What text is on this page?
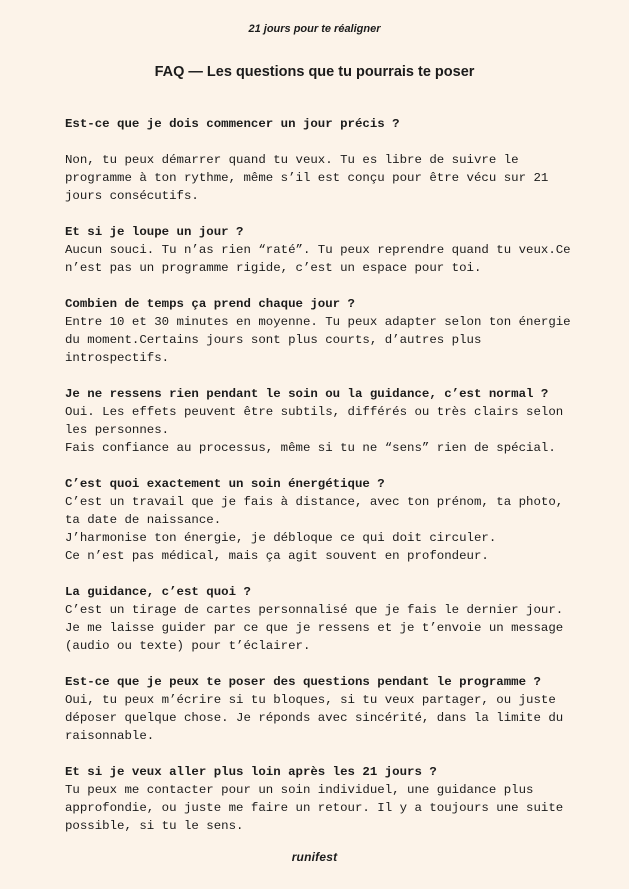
21 jours pour te réaligner
FAQ — Les questions que tu pourrais te poser

Est-ce que je dois commencer un jour précis ?

Non, tu peux démarrer quand tu veux. Tu es libre de suivre le programme à ton rythme, même s’il est conçu pour être vécu sur 21 jours consécutifs.

Et si je loupe un jour ?

Aucun souci. Tu n’as rien “raté”. Tu peux reprendre quand tu veux.Ce n’est pas un programme rigide, c’est un espace pour toi.

Combien de temps ça prend chaque jour ?

Entre 10 et 30 minutes en moyenne. Tu peux adapter selon ton énergie du moment.Certains jours sont plus courts, d’autres plus introspectifs.

Je ne ressens rien pendant le soin ou la guidance, c’est normal ?

Oui. Les effets peuvent être subtils, différés ou très clairs selon les personnes.

Fais confiance au processus, même si tu ne “sens” rien de spécial.

C’est quoi exactement un soin énergétique ?

C’est un travail que je fais à distance, avec ton prénom, ta photo, ta date de naissance.

J’harmonise ton énergie, je débloque ce qui doit circuler.

Ce n’est pas médical, mais ça agit souvent en profondeur.

La guidance, c’est quoi ?

C’est un tirage de cartes personnalisé que je fais le dernier jour. Je me laisse guider par ce que je ressens et je t’envoie un message (audio ou texte) pour t’éclairer.

Est-ce que je peux te poser des questions pendant le programme ?

Oui, tu peux m’écrire si tu bloques, si tu veux partager, ou juste déposer quelque chose. Je réponds avec sincérité, dans la limite du raisonnable.

Et si je veux aller plus loin après les 21 jours ?

Tu peux me contacter pour un soin individuel, une guidance plus approfondie, ou juste me faire un retour. Il y a toujours une suite possible, si tu le sens.

runifest
